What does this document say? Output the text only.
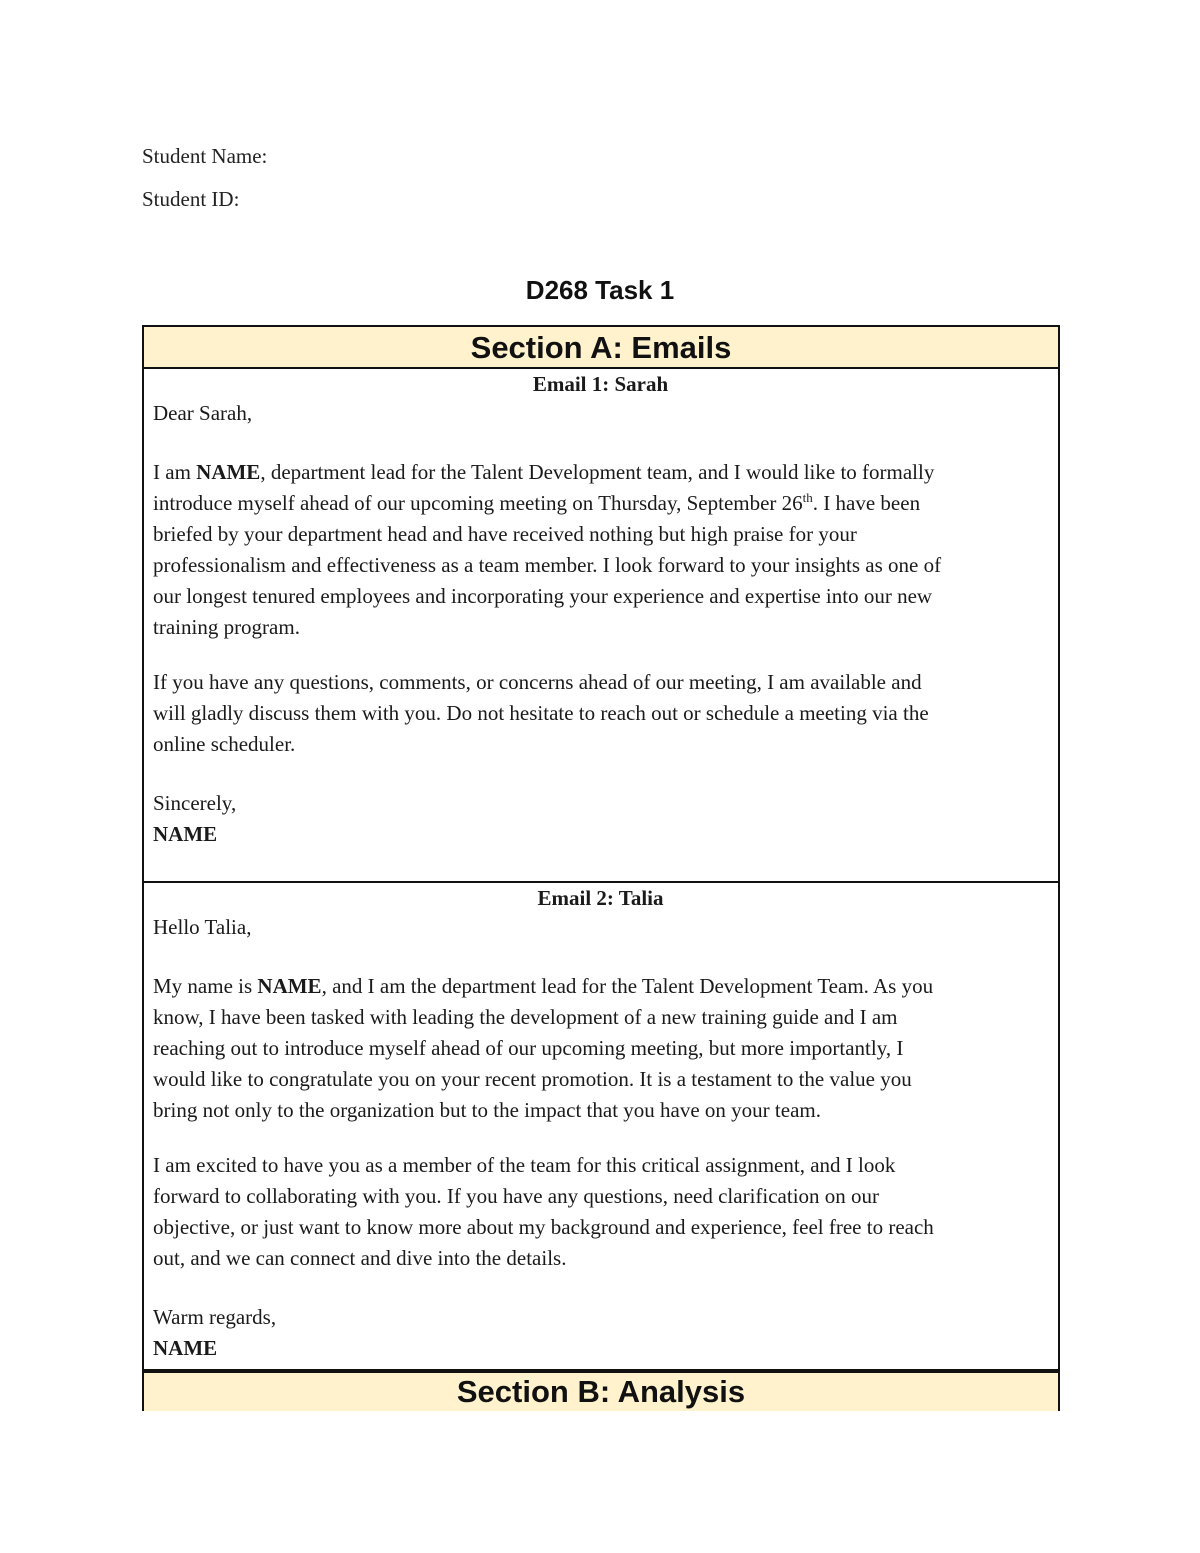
Student Name:
Student ID:
D268 Task 1
Section A: Emails
Email 1: Sarah

Dear Sarah,

I am NAME, department lead for the Talent Development team, and I would like to formally

introduce myself ahead of our upcoming meeting on Thursday, September 26th. I have been

briefed by your department head and have received nothing but high praise for your

professionalism and effectiveness as a team member. I look forward to your insights as one of

our longest tenured employees and incorporating your experience and expertise into our new

training program.

If you have any questions, comments, or concerns ahead of our meeting, I am available and

will gladly discuss them with you. Do not hesitate to reach out or schedule a meeting via the

online scheduler.

Sincerely,

NAME

Email 2: Talia

Hello Talia,

My name is NAME, and I am the department lead for the Talent Development Team. As you

know, I have been tasked with leading the development of a new training guide and I am

reaching out to introduce myself ahead of our upcoming meeting, but more importantly, I

would like to congratulate you on your recent promotion. It is a testament to the value you

bring not only to the organization but to the impact that you have on your team.

I am excited to have you as a member of the team for this critical assignment, and I look

forward to collaborating with you. If you have any questions, need clarification on our

objective, or just want to know more about my background and experience, feel free to reach

out, and we can connect and dive into the details.

Warm regards,

NAME

Section B: Analysis
